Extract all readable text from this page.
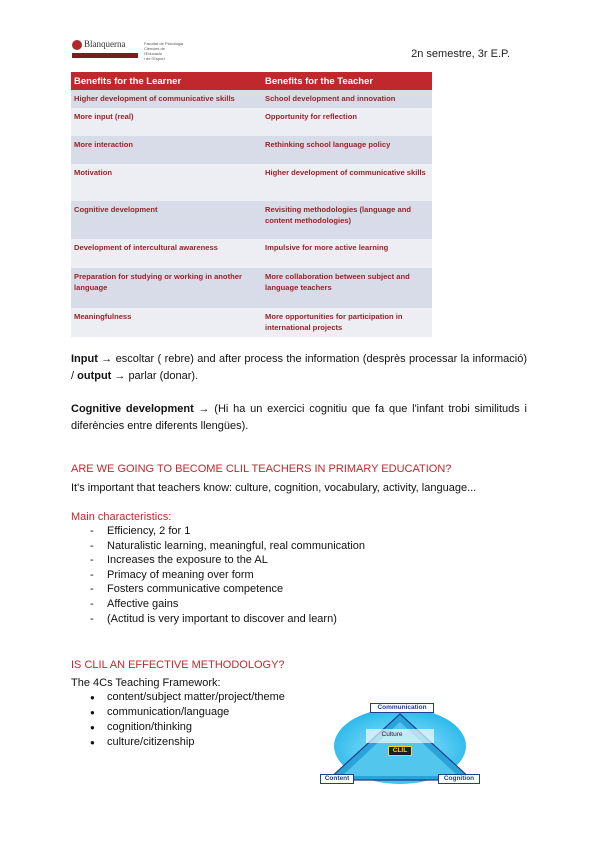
Blanquerna	Facultat de Psicologia
Ciències de l'Educació
i de l'Esport	2n semestre, 3r E.P.
Benefits for the Learner	Benefits for the Teacher
Higher development of communicative skills	School development and innovation
More input (real)	Opportunity for reflection
More interaction	Rethinking school language policy
Motivation	Higher development of communicative skills
Cognitive development	Revisiting methodologies (language and content methodologies)
Development of intercultural awareness	Impulsive for more active learning
Preparation for studying or working in another language	More collaboration between subject and language teachers
Meaningfulness	More opportunities for participation in international projects

Input → escoltar ( rebre) and after process the information (desprès processar la informació) / output → parlar (donar).

Cognitive development → (Hi ha un exercici cognitiu que fa que l'infant trobi similituds i diferències entre diferents llengües).

ARE WE GOING TO BECOME CLIL TEACHERS IN PRIMARY EDUCATION?
It's important that teachers know: culture, cognition, vocabulary, activity, language...
Main characteristics:
- Efficiency, 2 for 1
- Naturalistic learning, meaningful, real communication
- Increases the exposure to the AL
- Primacy of meaning over form
- Fosters communicative competence
- Affective gains
- (Actitud is very important to discover and learn)
IS CLIL AN EFFECTIVE METHODOLOGY?
The 4Cs Teaching Framework:
● content/subject matter/project/theme
● communication/language
● cognition/thinking
● culture/citizenship
Communication
Culture
CLIL
Content	Cognition
